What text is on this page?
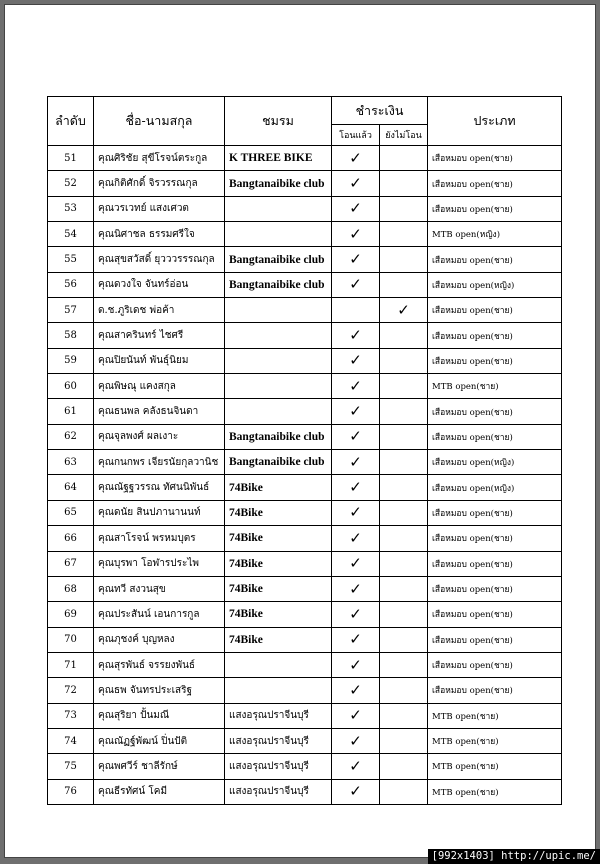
ลำดับ	ชื่อ-นามสกุล	ชมรม	ชำระเงิน		ประเภท
			โอนแล้ว	ยังไม่โอน	
51	คุณศิริชัย สุขีโรจน์ตระกูล	K THREE BIKE	✓		เสือหมอบ open(ชาย)
52	คุณกิติศักดิ์ จิรวรรณกุล	Bangtanaibike club	✓		เสือหมอบ open(ชาย)
53	คุณวรเวทย์ แสงเศวต		✓		เสือหมอบ open(ชาย)
54	คุณนิศาชล ธรรมศรีใจ		✓		MTB open(หญิง)
55	คุณสุขสวัสดิ์ ยุวววรรรณกุล	Bangtanaibike club	✓		เสือหมอบ open(ชาย)
56	คุณดวงใจ จันทร์อ่อน	Bangtanaibike club	✓		เสือหมอบ open(หญิง)
57	ด.ช.ภูริเดช พ่อค้า			✓	เสือหมอบ open(ชาย)
58	คุณสาครินทร์ ไชศรี		✓		เสือหมอบ open(ชาย)
59	คุณปิยนันท์ พันธุ์นิยม		✓		เสือหมอบ open(ชาย)
60	คุณพิษณุ แคงสกุล		✓		MTB open(ชาย)
61	คุณธนพล คลังธนจินดา		✓		เสือหมอบ open(ชาย)
62	คุณจุลพงศ์ ผลเงาะ	Bangtanaibike club	✓		เสือหมอบ open(ชาย)
63	คุณกนกพร เจียรนัยกุลวานิช	Bangtanaibike club	✓		เสือหมอบ open(หญิง)
64	คุณณัฐฐวรรณ ทัศนนิพันธ์	74Bike	✓		เสือหมอบ open(หญิง)
65	คุณดนัย สินปภานานนท์	74Bike	✓		เสือหมอบ open(ชาย)
66	คุณสาโรจน์ พรหมบุตร	74Bike	✓		เสือหมอบ open(ชาย)
67	คุณบุรพา โอฬารประไพ	74Bike	✓		เสือหมอบ open(ชาย)
68	คุณทวี สงวนสุข	74Bike	✓		เสือหมอบ open(ชาย)
69	คุณประสันน์ เอนการกูล	74Bike	✓		เสือหมอบ open(ชาย)
70	คุณภุชงค์ บุญหลง	74Bike	✓		เสือหมอบ open(ชาย)
71	คุณสุรพันธ์ จรรยงพันธ์		✓		เสือหมอบ open(ชาย)
72	คุณธพ จันทรประเสริฐ		✓		เสือหมอบ open(ชาย)
73	คุณสุริยา ปั้นมณี	แสงอรุณปราจีนบุรี	✓		MTB open(ชาย)
74	คุณณัฏฐ์พัฒน์ ปิ่นปัติ	แสงอรุณปราจีนบุรี	✓		MTB open(ชาย)
75	คุณพศวีร์ ชาลีรักษ์	แสงอรุณปราจีนบุรี	✓		MTB open(ชาย)
76	คุณธีรทัศน์ โคมี	แสงอรุณปราจีนบุรี	✓		MTB open(ชาย)
[992x1403] http://upic.me/
